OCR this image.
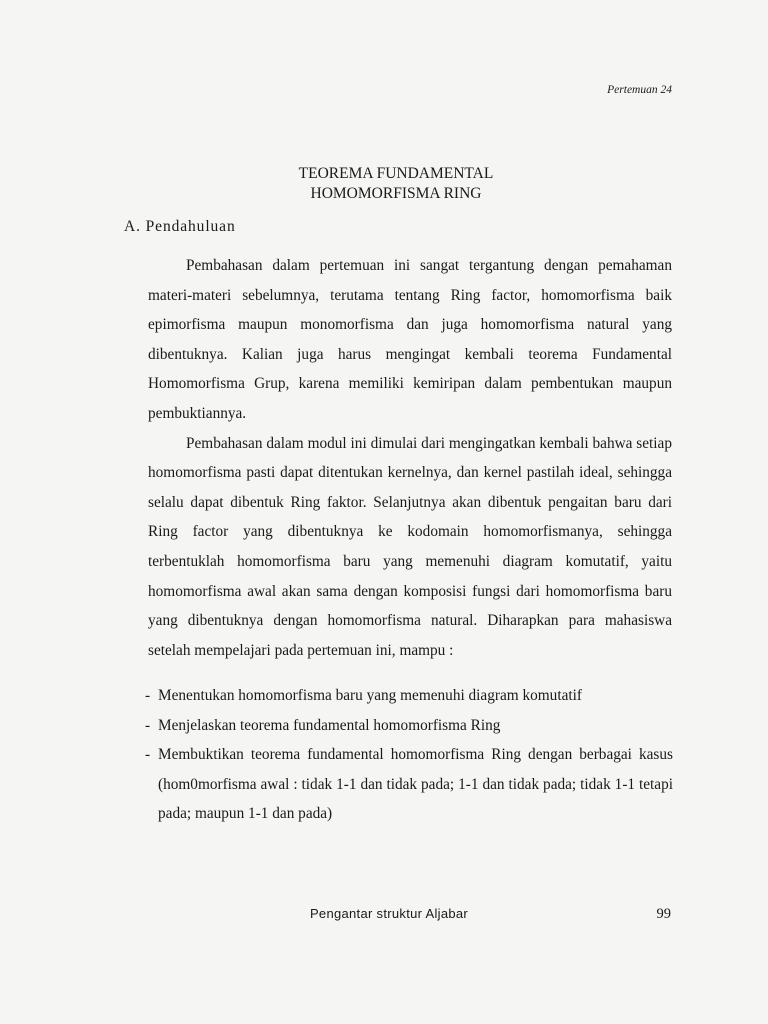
Pertemuan 24
TEOREMA FUNDAMENTAL
HOMOMORFISMA RING
A. Pendahuluan

Pembahasan dalam pertemuan ini sangat tergantung dengan pemahaman materi-materi sebelumnya, terutama tentang Ring factor, homomorfisma baik epimorfisma maupun monomorfisma dan juga homomorfisma natural yang dibentuknya. Kalian juga harus mengingat kembali teorema Fundamental Homomorfisma Grup, karena memiliki kemiripan dalam pembentukan maupun pembuktiannya.

Pembahasan dalam modul ini dimulai dari mengingatkan kembali bahwa setiap homomorfisma pasti dapat ditentukan kernelnya, dan kernel pastilah ideal, sehingga selalu dapat dibentuk Ring faktor. Selanjutnya akan dibentuk pengaitan baru dari Ring factor yang dibentuknya ke kodomain homomorfismanya, sehingga terbentuklah homomorfisma baru yang memenuhi diagram komutatif, yaitu homomorfisma awal akan sama dengan komposisi fungsi dari homomorfisma baru yang dibentuknya dengan homomorfisma natural. Diharapkan para mahasiswa setelah mempelajari pada pertemuan ini, mampu :

- Menentukan homomorfisma baru yang memenuhi diagram komutatif
- Menjelaskan teorema fundamental homomorfisma Ring
- Membuktikan teorema fundamental homomorfisma Ring dengan berbagai kasus (hom0morfisma awal : tidak 1-1 dan tidak pada; 1-1 dan tidak pada; tidak 1-1 tetapi pada; maupun 1-1 dan pada)
Pengantar struktur Aljabar	99
